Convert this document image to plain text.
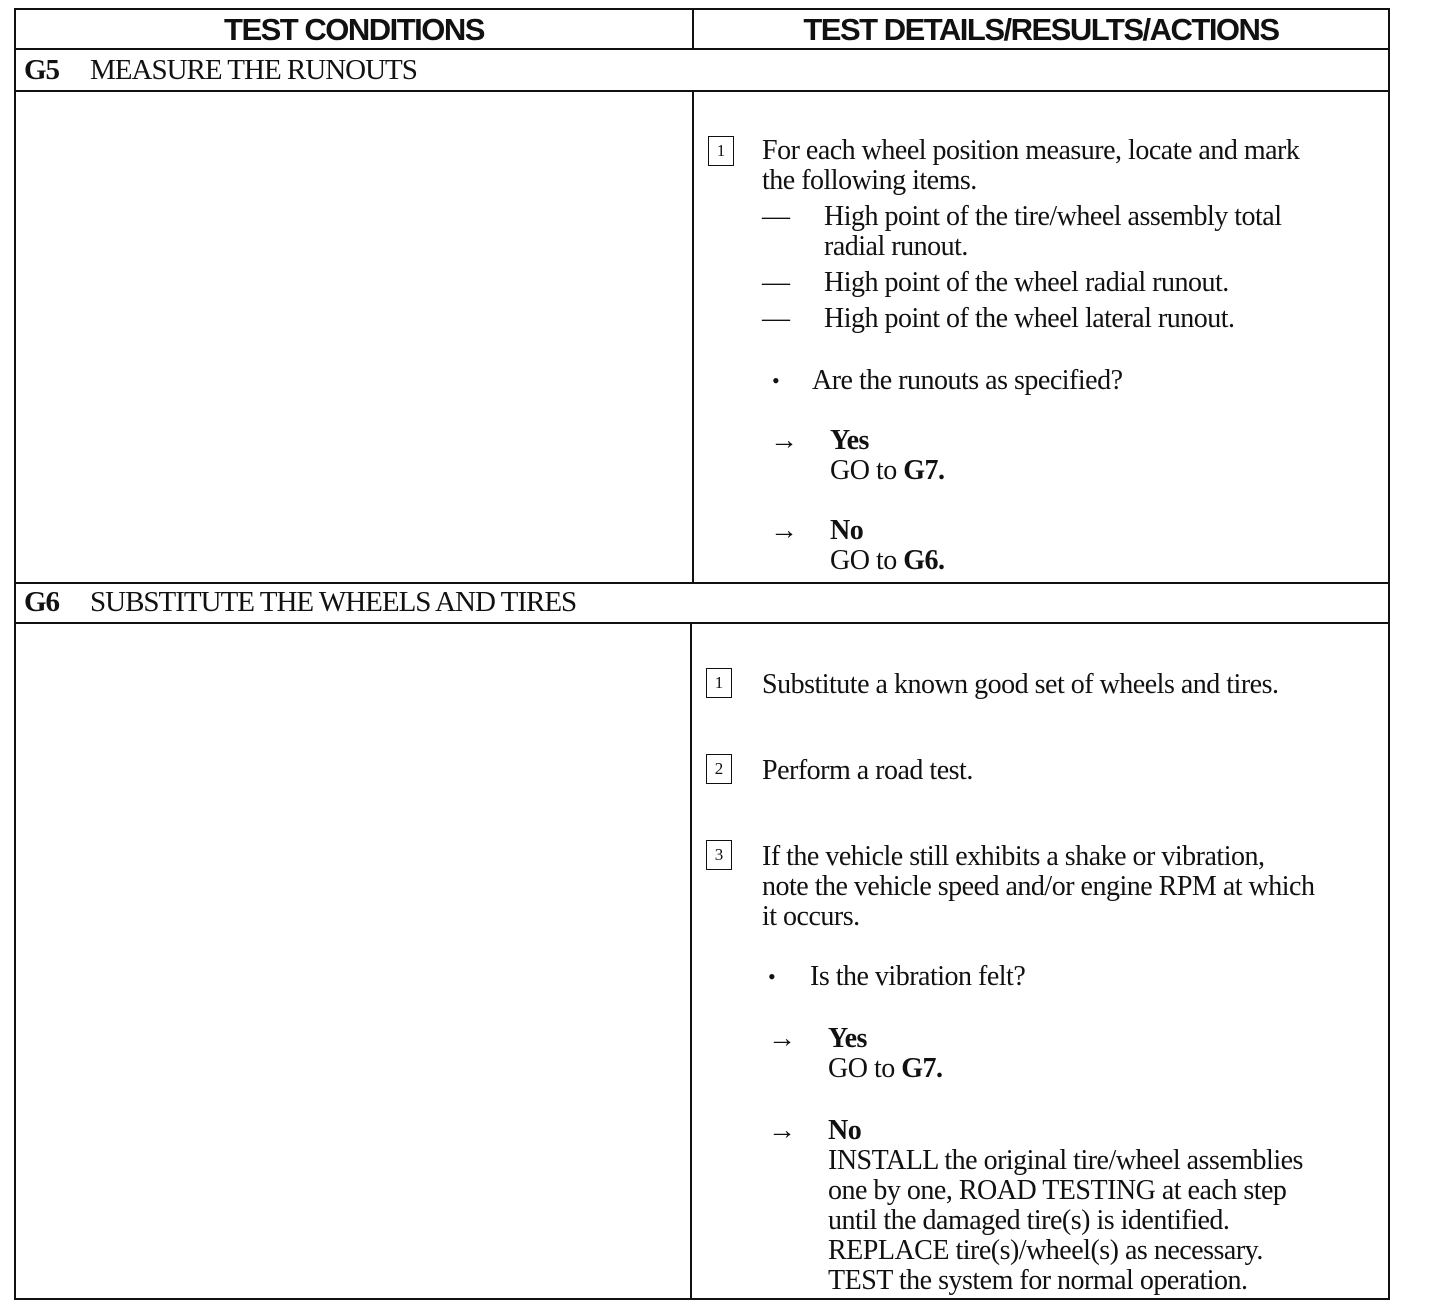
TEST CONDITIONS	TEST DETAILS/RESULTS/ACTIONS
G5 MEASURE THE RUNOUTS
1	For each wheel position measure, locate and mark
the following items.
— High point of the tire/wheel assembly total
radial runout.
— High point of the wheel radial runout.
— High point of the wheel lateral runout.
• Are the runouts as specified?
→ Yes
GO to G7.
→ No
GO to G6.
G6 SUBSTITUTE THE WHEELS AND TIRES
1	Substitute a known good set of wheels and tires.
2	Perform a road test.
3	If the vehicle still exhibits a shake or vibration,
note the vehicle speed and/or engine RPM at which
it occurs.
• Is the vibration felt?
→ Yes
GO to G7.
→ No
INSTALL the original tire/wheel assemblies
one by one, ROAD TESTING at each step
until the damaged tire(s) is identified.
REPLACE tire(s)/wheel(s) as necessary.
TEST the system for normal operation.
